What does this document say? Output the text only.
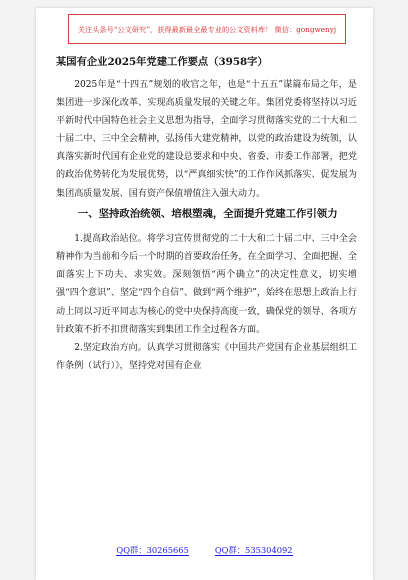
关注头条号“公文研究”，获得最新最全最专业的公文资料库！ 微信：gongwenyj
某国有企业2025年党建工作要点（3958字）

2025年是“十四五”规划的收官之年，也是“十五五”谋篇布局之年，是集团进一步深化改革、实现高质量发展的关键之年。集团党委将坚持以习近平新时代中国特色社会主义思想为指导，全面学习贯彻落实党的二十大和二十届二中、三中全会精神，弘扬伟大建党精神，以党的政治建设为统领，认真落实新时代国有企业党的建设总要求和中央、省委、市委工作部署，把党的政治优势转化为发展优势，以“严真细实快”的工作作风抓落实、促发展为集团高质量发展、国有资产保值增值注入强大动力。

一、坚持政治统领、培根塑魂，全面提升党建工作引领力

1.提高政治站位。将学习宣传贯彻党的二十大和二十届二中、三中全会精神作为当前和今后一个时期的首要政治任务，在全面学习、全面把握、全面落实上下功夫、求实效。深刻领悟“两个确立”的决定性意义，切实增强“四个意识”、坚定“四个自信”、做到“两个维护”，始终在思想上政治上行动上同以习近平同志为核心的党中央保持高度一致，确保党的领导、各项方针政策不折不扣贯彻落实到集团工作全过程各方面。

2.坚定政治方向。认真学习贯彻落实《中国共产党国有企业基层组织工作条例（试行）》，坚持党对国有企业

QQ群：30265665	QQ群：535304092
